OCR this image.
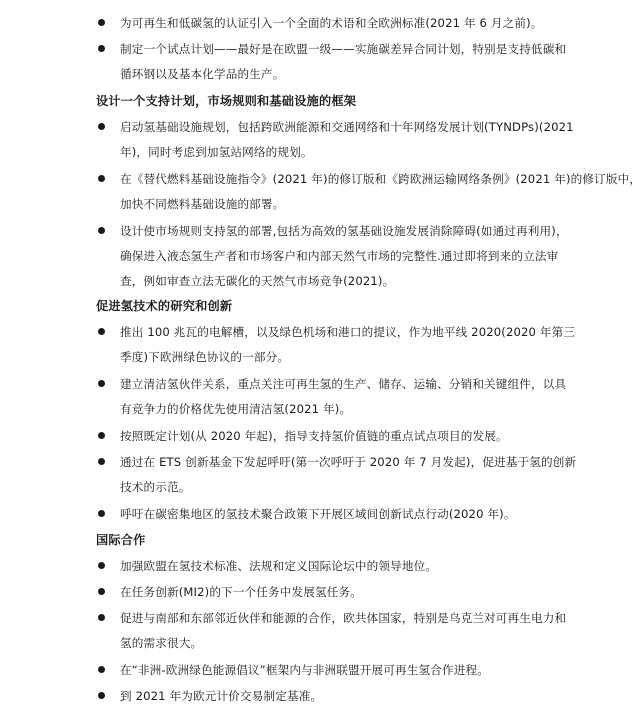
为可再生和低碳氢的认证引入一个全面的术语和全欧洲标准(2021 年 6 月之前)。
制定一个试点计划——最好是在欧盟一级——实施碳差异合同计划，特别是支持低碳和
循环钢以及基本化学品的生产。
设计一个支持计划，市场规则和基础设施的框架
启动氢基础设施规划，包括跨欧洲能源和交通网络和十年网络发展计划(TYNDPs)(2021
年)，同时考虑到加氢站网络的规划。
在《替代燃料基础设施指令》(2021 年)的修订版和《跨欧洲运输网络条例》(2021 年)的修订版中，
加快不同燃料基础设施的部署。
设计使市场规则支持氢的部署,包括为高效的氢基础设施发展消除障碍(如通过再利用)，
确保进入液态氢生产者和市场客户和内部天然气市场的完整性.通过即将到来的立法审
查，例如审查立法无碳化的天然气市场竞争(2021)。
促进氢技术的研究和创新
推出 100 兆瓦的电解槽，以及绿色机场和港口的提议，作为地平线 2020(2020 年第三
季度)下欧洲绿色协议的一部分。
建立清洁氢伙伴关系，重点关注可再生氢的生产、储存、运输、分销和关键组件，以具
有竞争力的价格优先使用清洁氢(2021 年)。
按照既定计划(从 2020 年起)，指导支持氢价值链的重点试点项目的发展。
通过在 ETS 创新基金下发起呼吁(第一次呼吁于 2020 年 7 月发起)，促进基于氢的创新
技术的示范。
呼吁在碳密集地区的氢技术聚合政策下开展区域间创新试点行动(2020 年)。
国际合作
加强欧盟在氢技术标准、法规和定义国际论坛中的领导地位。
在任务创新(MI2)的下一个任务中发展氢任务。
促进与南部和东部邻近伙伴和能源的合作，欧共体国家，特别是乌克兰对可再生电力和
氢的需求很大。
在“非洲-欧洲绿色能源倡议”框架内与非洲联盟开展可再生氢合作进程。
到 2021 年为欧元计价交易制定基准。
